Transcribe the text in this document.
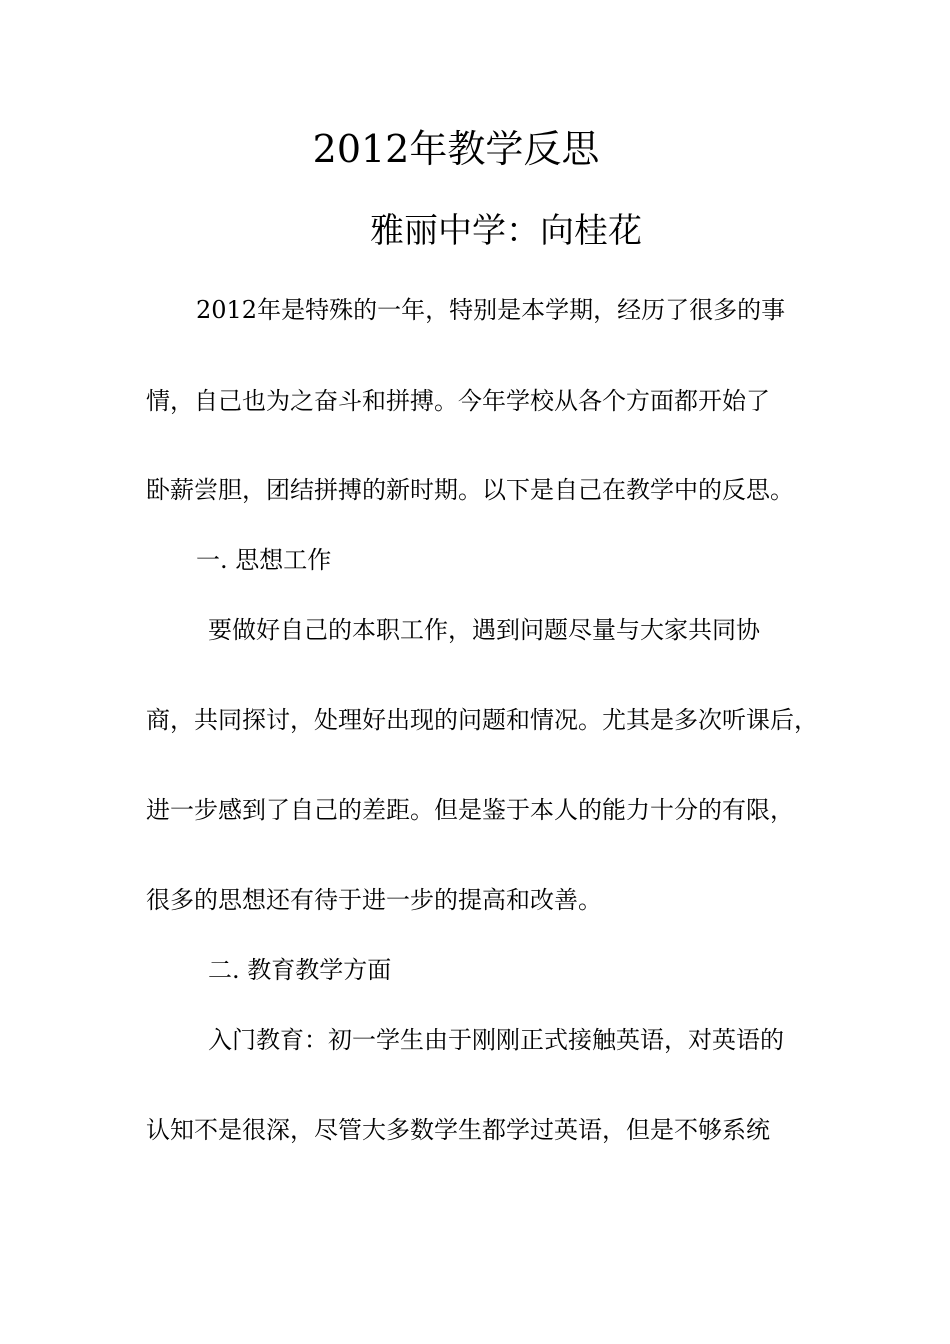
2012年教学反思
雅丽中学：向桂花
2012年是特殊的一年，特别是本学期，经历了很多的事
情，自己也为之奋斗和拼搏。今年学校从各个方面都开始了
卧薪尝胆，团结拼搏的新时期。以下是自己在教学中的反思。
一. 思想工作
要做好自己的本职工作，遇到问题尽量与大家共同协
商，共同探讨，处理好出现的问题和情况。尤其是多次听课后，
进一步感到了自己的差距。但是鉴于本人的能力十分的有限，
很多的思想还有待于进一步的提高和改善。
二. 教育教学方面
入门教育：初一学生由于刚刚正式接触英语，对英语的
认知不是很深，尽管大多数学生都学过英语，但是不够系统
